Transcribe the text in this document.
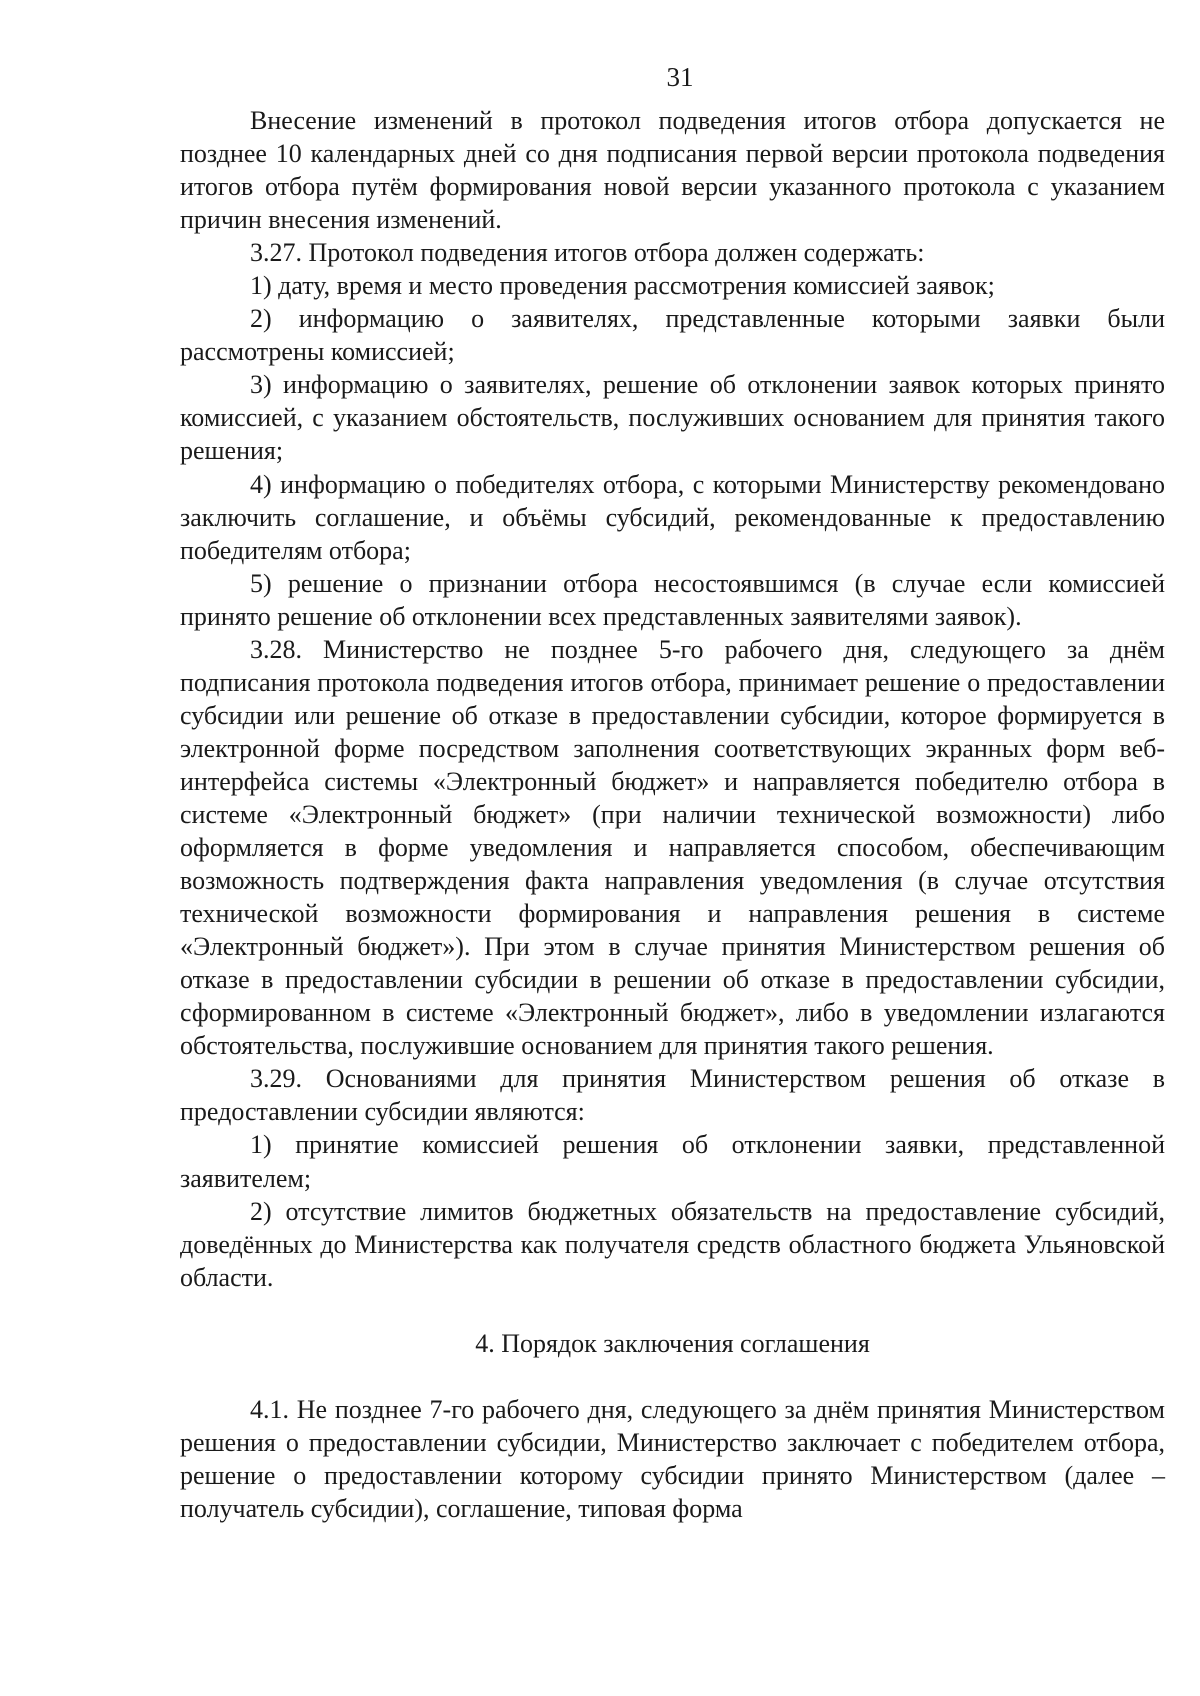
31

Внесение изменений в протокол подведения итогов отбора допускается не позднее 10 календарных дней со дня подписания первой версии протокола подведения итогов отбора путём формирования новой версии указанного протокола с указанием причин внесения изменений.

3.27. Протокол подведения итогов отбора должен содержать:

1) дату, время и место проведения рассмотрения комиссией заявок;

2) информацию о заявителях, представленные которыми заявки были рассмотрены комиссией;

3) информацию о заявителях, решение об отклонении заявок которых принято комиссией, с указанием обстоятельств, послуживших основанием для принятия такого решения;

4) информацию о победителях отбора, с которыми Министерству рекомендовано заключить соглашение, и объёмы субсидий, рекомендованные к предоставлению победителям отбора;

5) решение о признании отбора несостоявшимся (в случае если комиссией принято решение об отклонении всех представленных заявителями заявок).

3.28. Министерство не позднее 5-го рабочего дня, следующего за днём подписания протокола подведения итогов отбора, принимает решение о предоставлении субсидии или решение об отказе в предоставлении субсидии, которое формируется в электронной форме посредством заполнения соответствующих экранных форм веб-интерфейса системы «Электронный бюджет» и направляется победителю отбора в системе «Электронный бюджет» (при наличии технической возможности) либо оформляется в форме уведомления и направляется способом, обеспечивающим возможность подтверждения факта направления уведомления (в случае отсутствия технической возможности формирования и направления решения в системе «Электронный бюджет»). При этом в случае принятия Министерством решения об отказе в предоставлении субсидии в решении об отказе в предоставлении субсидии, сформированном в системе «Электронный бюджет», либо в уведомлении излагаются обстоятельства, послужившие основанием для принятия такого решения.

3.29. Основаниями для принятия Министерством решения об отказе в предоставлении субсидии являются:

1) принятие комиссией решения об отклонении заявки, представленной заявителем;

2) отсутствие лимитов бюджетных обязательств на предоставление субсидий, доведённых до Министерства как получателя средств областного бюджета Ульяновской области.

4. Порядок заключения соглашения

4.1. Не позднее 7-го рабочего дня, следующего за днём принятия Министерством решения о предоставлении субсидии, Министерство заключает с победителем отбора, решение о предоставлении которому субсидии принято Министерством (далее – получатель субсидии), соглашение, типовая форма
